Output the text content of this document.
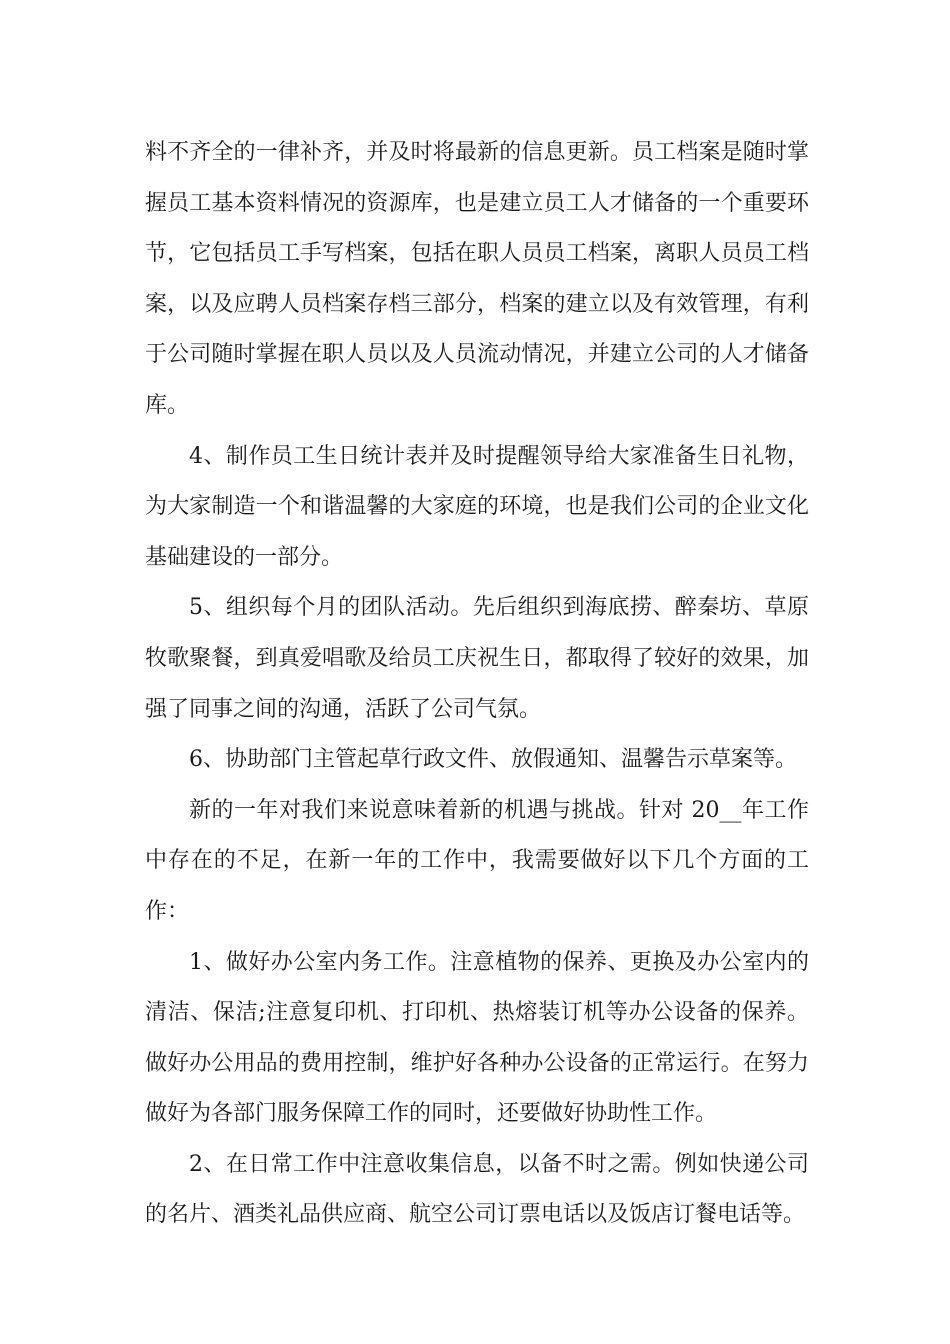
料不齐全的一律补齐，并及时将最新的信息更新。员工档案是随时掌握员工基本资料情况的资源库，也是建立员工人才储备的一个重要环节，它包括员工手写档案，包括在职人员员工档案，离职人员员工档案，以及应聘人员档案存档三部分，档案的建立以及有效管理，有利于公司随时掌握在职人员以及人员流动情况，并建立公司的人才储备库。

4、制作员工生日统计表并及时提醒领导给大家准备生日礼物，为大家制造一个和谐温馨的大家庭的环境，也是我们公司的企业文化基础建设的一部分。

5、组织每个月的团队活动。先后组织到海底捞、醉秦坊、草原牧歌聚餐，到真爱唱歌及给员工庆祝生日，都取得了较好的效果，加强了同事之间的沟通，活跃了公司气氛。

6、协助部门主管起草行政文件、放假通知、温馨告示草案等。

新的一年对我们来说意味着新的机遇与挑战。针对 20__年工作中存在的不足，在新一年的工作中，我需要做好以下几个方面的工作：

1、做好办公室内务工作。注意植物的保养、更换及办公室内的清洁、保洁;注意复印机、打印机、热熔装订机等办公设备的保养。做好办公用品的费用控制，维护好各种办公设备的正常运行。在努力做好为各部门服务保障工作的同时，还要做好协助性工作。

2、在日常工作中注意收集信息，以备不时之需。例如快递公司的名片、酒类礼品供应商、航空公司订票电话以及饭店订餐电话等。
